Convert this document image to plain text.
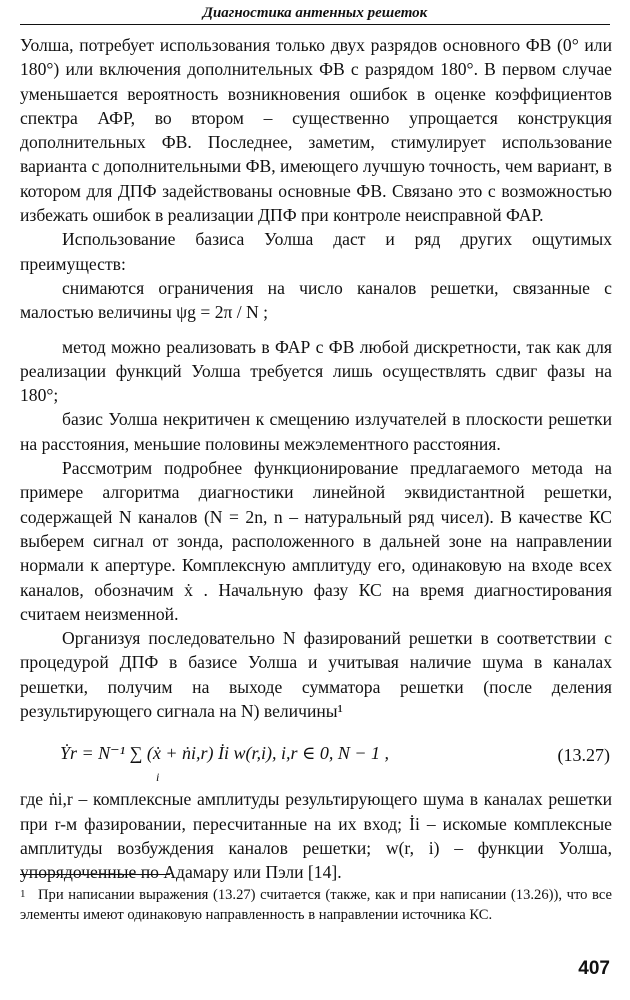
Диагностика антенных решеток

Уолша, потребует использования только двух разрядов основного ФВ (0° или 180°) или включения дополнительных ФВ с разрядом 180°. В первом случае уменьшается вероятность возникновения ошибок в оценке коэффициентов спектра АФР, во втором – существенно упрощается конструкция дополнительных ФВ. Последнее, заметим, стимулирует использование варианта с дополнительными ФВ, имеющего лучшую точность, чем вариант, в котором для ДПФ задействованы основные ФВ. Связано это с возможностью избежать ошибок в реализации ДПФ при контроле неисправной ФАР.

Использование базиса Уолша даст и ряд других ощутимых преимуществ:

снимаются ограничения на число каналов решетки, связанные с малостью величины ψg = 2π / N ;

метод можно реализовать в ФАР с ФВ любой дискретности, так как для реализации функций Уолша требуется лишь осуществлять сдвиг фазы на 180°;

базис Уолша некритичен к смещению излучателей в плоскости решетки на расстояния, меньшие половины межэлементного расстояния.

Рассмотрим подробнее функционирование предлагаемого метода на примере алгоритма диагностики линейной эквидистантной решетки, содержащей N каналов (N = 2n, n – натуральный ряд чисел). В качестве КС выберем сигнал от зонда, расположенного в дальней зоне на направлении нормали к апертуре. Комплексную амплитуду его, одинаковую на входе всех каналов, обозначим ẋ . Начальную фазу КС на время диагностирования считаем неизменной.

Организуя последовательно N фазирований решетки в соответствии с процедурой ДПФ в базисе Уолша и учитывая наличие шума в каналах решетки, получим на выходе сумматора решетки (после деления результирующего сигнала на N) величины¹

Ẏr = N⁻¹ ∑ (ẋ + ṅi,r) İi w(r,i), i,r ∈ 0, N − 1 ,
i
(13.27)

где ṅi,r – комплексные амплитуды результирующего шума в каналах решетки при r-м фазировании, пересчитанные на их вход; İi – искомые комплексные амплитуды возбуждения каналов решетки; w(r, i) – функции Уолша, упорядоченные по Адамару или Пэли [14].

1 При написании выражения (13.27) считается (также, как и при написании (13.26)), что все элементы имеют одинаковую направленность в направлении источника КС.
407
